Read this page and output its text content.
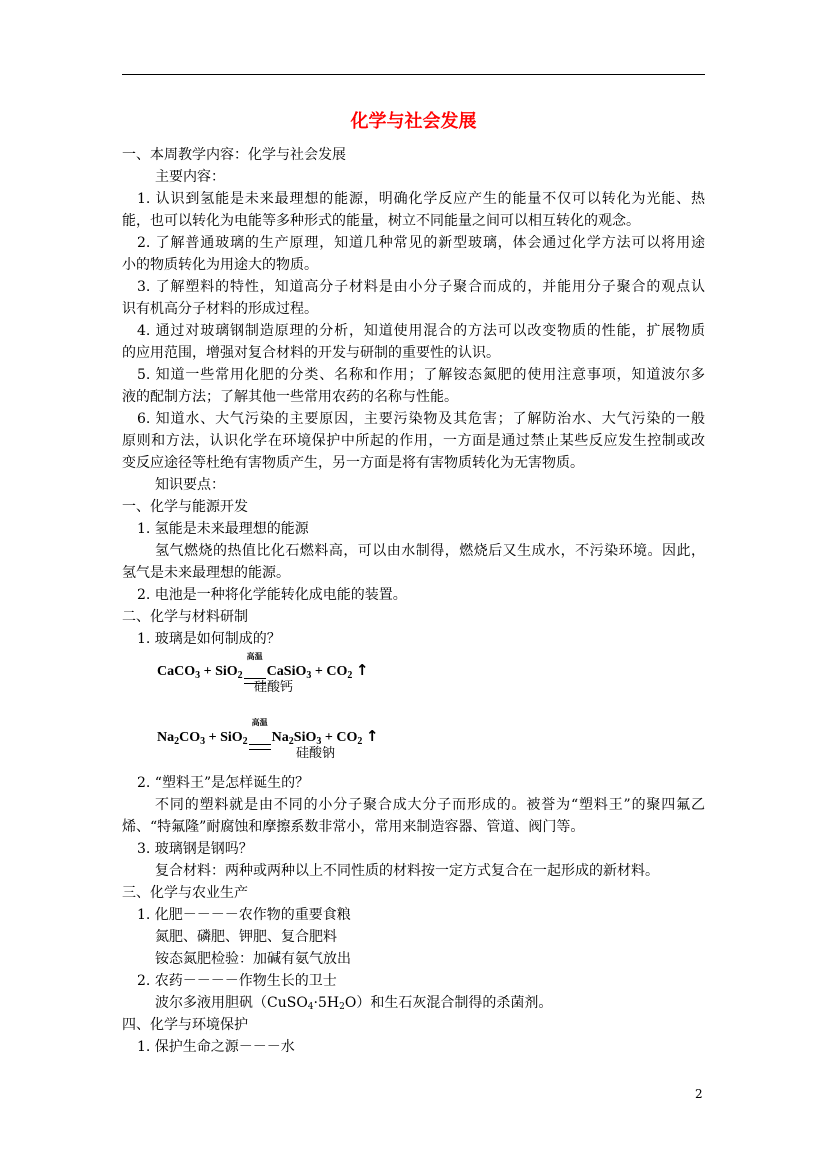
化学与社会发展
一、本周教学内容：化学与社会发展
主要内容：
1. 认识到氢能是未来最理想的能源，明确化学反应产生的能量不仅可以转化为光能、热
能，也可以转化为电能等多种形式的能量，树立不同能量之间可以相互转化的观念。
2. 了解普通玻璃的生产原理，知道几种常见的新型玻璃，体会通过化学方法可以将用途
小的物质转化为用途大的物质。
3. 了解塑料的特性，知道高分子材料是由小分子聚合而成的，并能用分子聚合的观点认
识有机高分子材料的形成过程。
4. 通过对玻璃钢制造原理的分析，知道使用混合的方法可以改变物质的性能，扩展物质
的应用范围，增强对复合材料的开发与研制的重要性的认识。
5. 知道一些常用化肥的分类、名称和作用；了解铵态氮肥的使用注意事项，知道波尔多
液的配制方法；了解其他一些常用农药的名称与性能。
6. 知道水、大气污染的主要原因，主要污染物及其危害；了解防治水、大气污染的一般
原则和方法，认识化学在环境保护中所起的作用，一方面是通过禁止某些反应发生控制或改
变反应途径等杜绝有害物质产生，另一方面是将有害物质转化为无害物质。
知识要点：
一、化学与能源开发
1. 氢能是未来最理想的能源
氢气燃烧的热值比化石燃料高，可以由水制得，燃烧后又生成水，不污染环境。因此，
氢气是未来最理想的能源。
2. 电池是一种将化学能转化成电能的装置。
二、化学与材料研制
1. 玻璃是如何制成的？
CaCO$_3$ + SiO$_2$
高温
CaSiO$_3$ + $CO_2$ ↑
硅酸钙
$Na_2CO_3 + SiO_2$
高温
$Na_2SiO_3 + CO_2$ ↑
硅酸钠
2. “塑料王”是怎样诞生的？
不同的塑料就是由不同的小分子聚合成大分子而形成的。被誉为“塑料王”的聚四氟乙
烯、“特氟隆”耐腐蚀和摩擦系数非常小，常用来制造容器、管道、阀门等。
3. 玻璃钢是钢吗？
复合材料：两种或两种以上不同性质的材料按一定方式复合在一起形成的新材料。
三、化学与农业生产
1. 化肥－－－－农作物的重要食粮
氮肥、磷肥、钾肥、复合肥料
铵态氮肥检验：加碱有氨气放出
2. 农药－－－－作物生长的卫士
波尔多液用胆矾$(CuSO_4\cdot 5H_2O)$和生石灰混合制得的杀菌剂。
四、化学与环境保护
1. 保护生命之源－－－水
2
